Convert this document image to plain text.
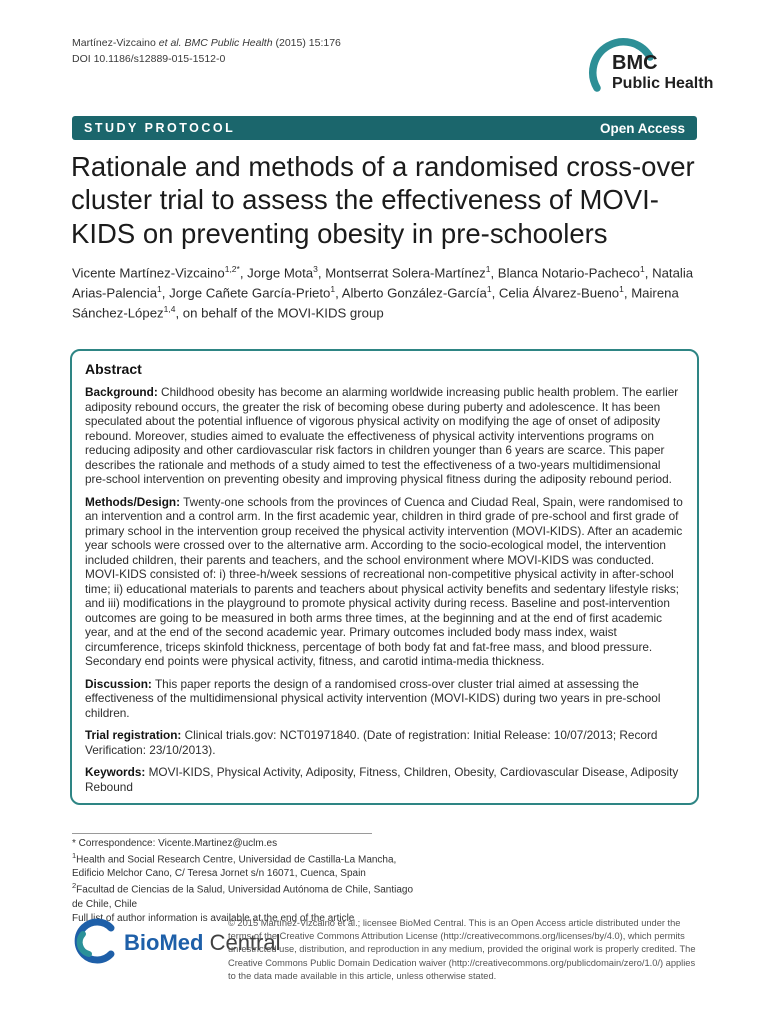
Martínez-Vizcaino et al. BMC Public Health (2015) 15:176
DOI 10.1186/s12889-015-1512-0	BMC
Public Health
STUDY PROTOCOL	Open Access
Rationale and methods of a randomised cross-over cluster trial to assess the effectiveness of MOVI-KIDS on preventing obesity in pre-schoolers
Vicente Martínez-Vizcaino$^{1,2*}$, Jorge Mota$^3$, Montserrat Solera-Martínez$^1$, Blanca Notario-Pacheco$^1$, Natalia Arias-Palencia$^1$, Jorge Cañete García-Prieto$^1$, Alberto González-García$^1$, Celia Álvarez-Bueno$^1$, Mairena Sánchez-López$^{1,4}$, on behalf of the MOVI-KIDS group
Abstract

Background: Childhood obesity has become an alarming worldwide increasing public health problem. The earlier adiposity rebound occurs, the greater the risk of becoming obese during puberty and adolescence. It has been speculated about the potential influence of vigorous physical activity on modifying the age of onset of adiposity rebound. Moreover, studies aimed to evaluate the effectiveness of physical activity interventions programs on reducing adiposity and other cardiovascular risk factors in children younger than 6 years are scarce. This paper describes the rationale and methods of a study aimed to test the effectiveness of a two-years multidimensional pre-school intervention on preventing obesity and improving physical fitness during the adiposity rebound period.

Methods/Design: Twenty-one schools from the provinces of Cuenca and Ciudad Real, Spain, were randomised to an intervention and a control arm. In the first academic year, children in third grade of pre-school and first grade of primary school in the intervention group received the physical activity intervention (MOVI-KIDS). After an academic year schools were crossed over to the alternative arm. According to the socio-ecological model, the intervention included children, their parents and teachers, and the school environment where MOVI-KIDS was conducted. MOVI-KIDS consisted of: i) three-h/week sessions of recreational non-competitive physical activity in after-school time; ii) educational materials to parents and teachers about physical activity benefits and sedentary lifestyle risks; and iii) modifications in the playground to promote physical activity during recess. Baseline and post-intervention outcomes are going to be measured in both arms three times, at the beginning and at the end of first academic year, and at the end of the second academic year. Primary outcomes included body mass index, waist circumference, triceps skinfold thickness, percentage of both body fat and fat-free mass, and blood pressure. Secondary end points were physical activity, fitness, and carotid intima-media thickness.

Discussion: This paper reports the design of a randomised cross-over cluster trial aimed at assessing the effectiveness of the multidimensional physical activity intervention (MOVI-KIDS) during two years in pre-school children.

Trial registration: Clinical trials.gov: NCT01971840. (Date of registration: Initial Release: 10/07/2013; Record Verification: 23/10/2013).

Keywords: MOVI-KIDS, Physical Activity, Adiposity, Fitness, Children, Obesity, Cardiovascular Disease, Adiposity Rebound

* Correspondence: Vicente.Martinez@uclm.es
$^1$Health and Social Research Centre, Universidad de Castilla-La Mancha, Edificio Melchor Cano, C/ Teresa Jornet s/n 16071, Cuenca, Spain
$^2$Facultad de Ciencias de la Salud, Universidad Autónoma de Chile, Santiago de Chile, Chile
Full list of author information is available at the end of the article
BioMed Central
© 2015 Martínez-Vizcaino et al.; licensee BioMed Central. This is an Open Access article distributed under the terms of the Creative Commons Attribution License (http://creativecommons.org/licenses/by/4.0), which permits unrestricted use, distribution, and reproduction in any medium, provided the original work is properly credited. The Creative Commons Public Domain Dedication waiver (http://creativecommons.org/publicdomain/zero/1.0/) applies to the data made available in this article, unless otherwise stated.
